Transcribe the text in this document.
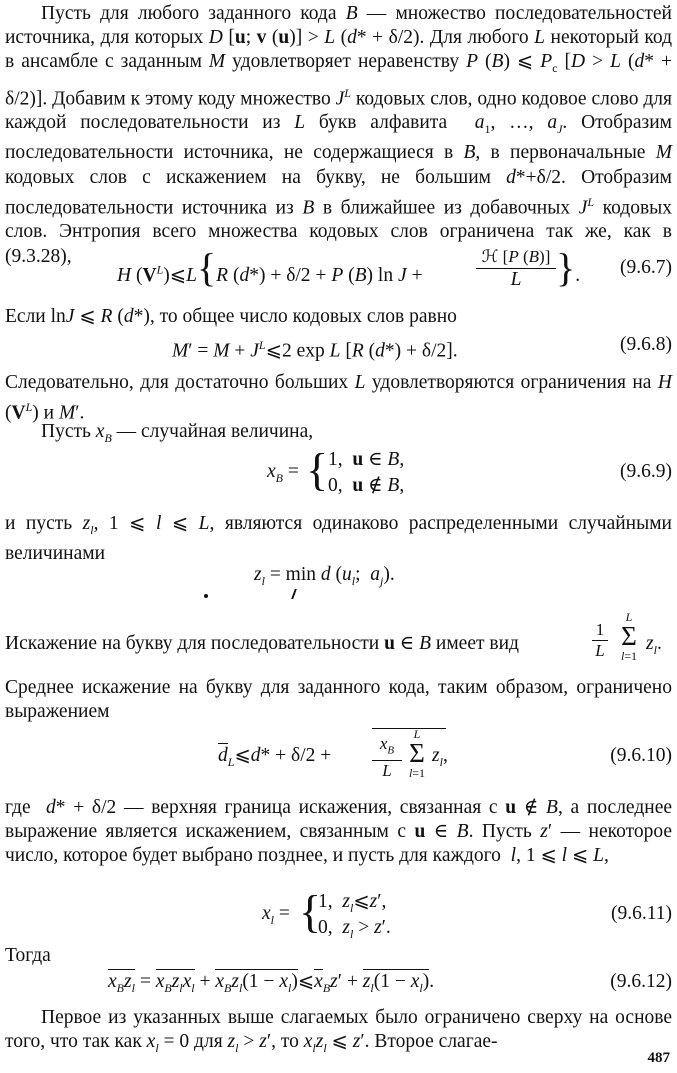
Пусть для любого заданного кода B — множество последовательностей источника, для которых D [u; v (u)] > L (d* + δ/2). Для любого L некоторый код в ансамбле с заданным M удовлетворяет неравенству P (B) ⩽ $P_c$ [D > L (d* + δ/2)]. Добавим к этому коду множество $J^L$ кодовых слов, одно кодовое слово для каждой последовательности из L букв алфавита  $a_1$, …, $a_J$. Отобразим последовательности источника, не содержащиеся в B, в первоначальные M кодовых слов с искажением на букву, не большим d*+δ/2. Отобразим последовательности источника из B в ближайшее из добавочных $J^L$ кодовых слов. Энтропия всего множества кодовых слов ограничена так же, как в (9.3.28),

H $(V^L)⩽L\{R$ (d*) + δ/2 + P (B) ln J +
ℋ [P (B)]
L }. (9.6.7)

Если lnJ ⩽ R (d*), то общее число кодовых слов равно

$M' = M + J^L⩽2$ exp L [R (d*) + δ/2].	(9.6.8)

Следовательно, для достаточно больших L удовлетворяются ограничения на H $(V^L)$ и M′.

Пусть $x_B$ — случайная величина,

$x_B$ = { 1,  u ∈ B,
0,  u ∉ B,
(9.6.9)

и пусть $z_l$, 1 ⩽ l ⩽ L, являются одинаково распределенными случайными величинами

$z_l = \min d$ ($u_l$;  $a_j$).
Искажение на букву для последовательности u ∈ B имеет вид	$\frac{1}{L}$
L
Σ
l=1
$z_l$.

Среднее искажение на букву для заданного кода, таким образом, ограничено выражением

$d_L⩽d* + \delta/2 + \frac{x_B}{L}$ L
Σ
l=1
$z_l$,	(9.6.10)

где  d* + δ/2 — верхняя граница искажения, связанная с u ∉ B, а последнее выражение является искажением, связанным с u ∈ B. Пусть z′ — некоторое число, которое будет выбрано позднее, и пусть для каждого  l, 1 ⩽ l ⩽ L,

$x_l$ = {
1,  $z_l⩽z'$,
0,  $z_l > z'$.
(9.6.11)

Тогда

$x_Bz_l = x_Bz_lx_l + x_Bz_l(1$ − $x_l)⩽x_Bz' + z_l(1 - x_l)$.	(9.6.12)

Первое из указанных выше слагаемых было ограничено сверху на основе того, что так как $x_l = 0$ для $z_l > z'$, то $x_lz_l$ ⩽ z′. Второе слагае-

487
